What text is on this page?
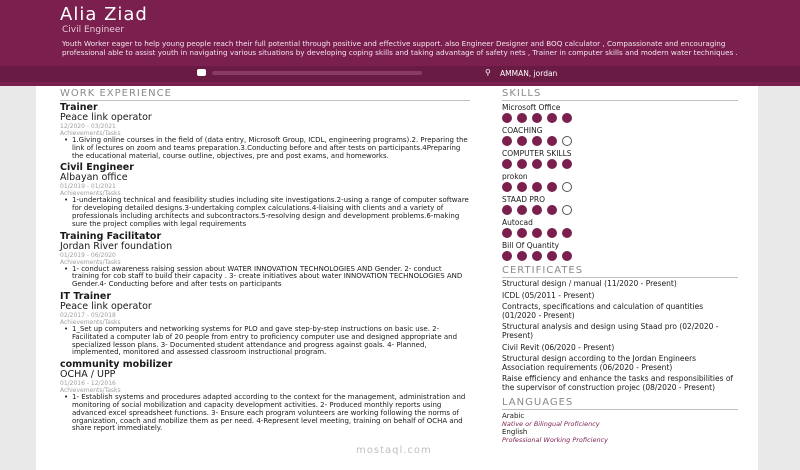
Alia Ziad
Civil Engineer
Youth Worker eager to help young people reach their full potential through positive and effective support. also Engineer Designer and BOQ calculator , Compassionate and encouraging professional able to assist youth in navigating various situations by developing coping skills and taking advantage of safety nets , Trainer in computer skills and modern water techniques .
⚲ AMMAN, jordan
WORK EXPERIENCE
Trainer
Peace link operator
12/2020 - 03/2021
Achievements/Tasks
• 1.Giving online courses in the field of (data entry, Microsoft Group, ICDL, engineering programs).2. Preparing the link of lectures on zoom and teams preparation.3.Conducting before and after tests on participants.4Preparing the educational material, course outline, objectives, pre and post exams, and homeworks.
Civil Engineer
Albayan office
01/2019 - 01/2021
Achievements/Tasks
• 1-undertaking technical and feasibility studies including site investigations.2-using a range of computer software for developing detailed designs.3-undertaking complex calculations.4-liaising with clients and a variety of professionals including architects and subcontractors.5-resolving design and development problems.6-making sure the project complies with legal requirements
Training Facilitator
Jordan River foundation
01/2019 - 06/2020
Achievements/Tasks
• 1- conduct awareness raising session about WATER INNOVATION TECHNOLOGIES AND Gender. 2- conduct training for cob staff to build their capacity . 3- create initiatives about water INNOVATION TECHNOLOGIES AND Gender.4- Conducting before and after tests on participants
IT Trainer
Peace link operator
02/2017 - 05/2018
Achievements/Tasks
• 1_Set up computers and networking systems for PLO and gave step-by-step instructions on basic use. 2- Facilitated a computer lab of 20 people from entry to proficiency computer use and designed appropriate and specialized lesson plans. 3- Documented student attendance and progress against goals. 4- Planned, implemented, monitored and assessed classroom instructional program.
community mobilizer
OCHA / UPP
01/2016 - 12/2016
Achievements/Tasks
• 1- Establish systems and procedures adapted according to the context for the management, administration and monitoring of social mobilization and capacity development activities. 2- Produced monthly reports using advanced excel spreadsheet functions. 3- Ensure each program volunteers are working following the norms of organization, coach and mobilize them as per need. 4-Represent level meeting, training on behalf of OCHA and share report immediately.
SKILLS
Microsoft Office
COACHING
COMPUTER SKILLS
prokon
STAAD PRO
Autocad
Bill Of Quantity
CERTIFICATES
Structural design / manual (11/2020 - Present)
ICDL (05/2011 - Present)
Contracts, specifications and calculation of quantities (01/2020 - Present)
Structural analysis and design using Staad pro (02/2020 - Present)
Civil Revit (06/2020 - Present)
Structural design according to the Jordan Engineers Association requirements (06/2020 - Present)
Raise efficiency and enhance the tasks and responsibilities of the supervisor of construction projec (08/2020 - Present)
LANGUAGES
Arabic
Native or Bilingual Proficiency
English
Professional Working Proficiency
mostaql.com
